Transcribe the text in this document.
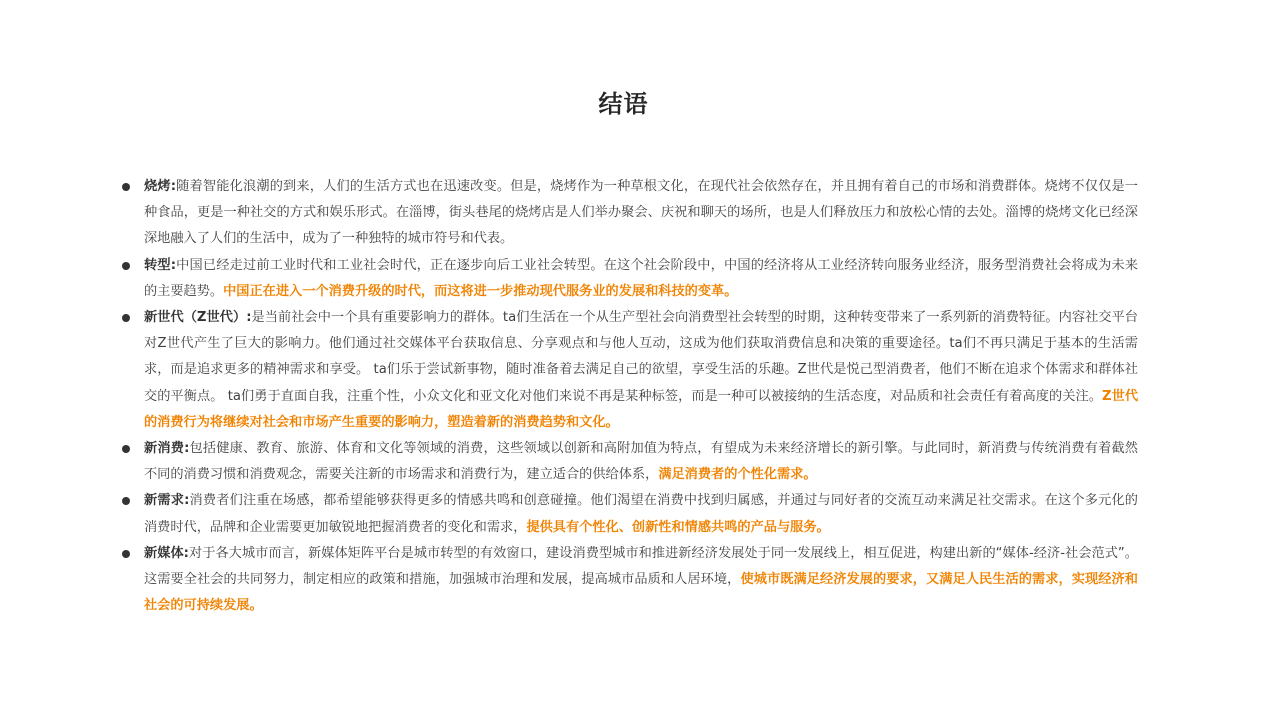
结语
烧烤:随着智能化浪潮的到来，人们的生活方式也在迅速改变。但是，烧烤作为一种草根文化，在现代社会依然存在，并且拥有着自己的市场和消费群体。烧烤不仅仅是一种食品，更是一种社交的方式和娱乐形式。在淄博，街头巷尾的烧烤店是人们举办聚会、庆祝和聊天的场所，也是人们释放压力和放松心情的去处。淄博的烧烤文化已经深深地融入了人们的生活中，成为了一种独特的城市符号和代表。
转型:中国已经走过前工业时代和工业社会时代，正在逐步向后工业社会转型。在这个社会阶段中，中国的经济将从工业经济转向服务业经济，服务型消费社会将成为未来的主要趋势。中国正在进入一个消费升级的时代，而这将进一步推动现代服务业的发展和科技的变革。
新世代（Z世代）:是当前社会中一个具有重要影响力的群体。ta们生活在一个从生产型社会向消费型社会转型的时期，这种转变带来了一系列新的消费特征。内容社交平台对Z世代产生了巨大的影响力。他们通过社交媒体平台获取信息、分享观点和与他人互动，这成为他们获取消费信息和决策的重要途径。ta们不再只满足于基本的生活需求，而是追求更多的精神需求和享受。 ta们乐于尝试新事物，随时准备着去满足自己的欲望，享受生活的乐趣。Z世代是悦己型消费者，他们不断在追求个体需求和群体社交的平衡点。 ta们勇于直面自我，注重个性，小众文化和亚文化对他们来说不再是某种标签，而是一种可以被接纳的生活态度，对品质和社会责任有着高度的关注。Z世代的消费行为将继续对社会和市场产生重要的影响力，塑造着新的消费趋势和文化。
新消费:包括健康、教育、旅游、体育和文化等领域的消费，这些领域以创新和高附加值为特点，有望成为未来经济增长的新引擎。与此同时，新消费与传统消费有着截然不同的消费习惯和消费观念，需要关注新的市场需求和消费行为，建立适合的供给体系，满足消费者的个性化需求。
新需求:消费者们注重在场感，都希望能够获得更多的情感共鸣和创意碰撞。他们渴望在消费中找到归属感，并通过与同好者的交流互动来满足社交需求。在这个多元化的消费时代，品牌和企业需要更加敏锐地把握消费者的变化和需求，提供具有个性化、创新性和情感共鸣的产品与服务。
新媒体:对于各大城市而言，新媒体矩阵平台是城市转型的有效窗口，建设消费型城市和推进新经济发展处于同一发展线上，相互促进，构建出新的“媒体-经济-社会范式”。这需要全社会的共同努力，制定相应的政策和措施，加强城市治理和发展，提高城市品质和人居环境，使城市既满足经济发展的要求，又满足人民生活的需求，实现经济和社会的可持续发展。
